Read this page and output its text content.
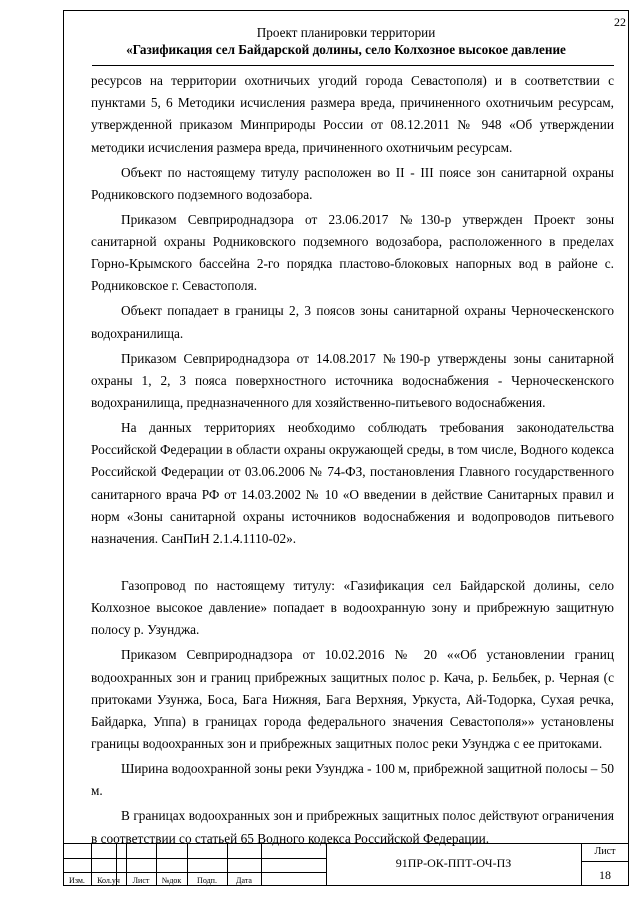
22
Проект планировки территории
«Газификация сел Байдарской долины, село Колхозное высокое давление

ресурсов на территории охотничьих угодий города Севастополя) и в соответствии с пунктами 5, 6 Методики исчисления размера вреда, причиненного охотничьим ресурсам, утвержденной приказом Минприроды России от 08.12.2011 № 948 «Об утверждении методики исчисления размера вреда, причиненного охотничьим ресурсам.

Объект по настоящему титулу расположен во II - III поясе зон санитарной охраны Родниковского подземного водозабора.

Приказом Севприроднадзора от 23.06.2017 №130-р утвержден Проект зоны санитарной охраны Родниковского подземного водозабора, расположенного в пределах Горно-Крымского бассейна 2-го порядка пластово-блоковых напорных вод в районе с. Родниковское г. Севастополя.

Объект попадает в границы 2, 3 поясов зоны санитарной охраны Черноческенского водохранилища.

Приказом Севприроднадзора от 14.08.2017 №190-р утверждены зоны санитарной охраны 1, 2, 3 пояса поверхностного источника водоснабжения - Черноческенского водохранилища, предназначенного для хозяйственно-питьевого водоснабжения.

На данных территориях необходимо соблюдать требования законодательства Российской Федерации в области охраны окружающей среды, в том числе, Водного кодекса Российской Федерации от 03.06.2006 № 74-ФЗ, постановления Главного государственного санитарного врача РФ от 14.03.2002 № 10 «О введении в действие Санитарных правил и норм «Зоны санитарной охраны источников водоснабжения и водопроводов питьевого назначения. СанПиН 2.1.4.1110-02».

Газопровод по настоящему титулу: «Газификация сел Байдарской долины, село Колхозное высокое давление» попадает в водоохранную зону и прибрежную защитную полосу р. Узунджа.

Приказом Севприроднадзора от 10.02.2016 № 20 ««Об установлении границ водоохранных зон и границ прибрежных защитных полос р. Кача, р. Бельбек, р. Черная (с притоками Узунжа, Боса, Бага Нижняя, Бага Верхняя, Уркуста, Ай-Тодорка, Сухая речка, Байдарка, Уппа) в границах города федерального значения Севастополя»» установлены границы водоохранных зон и прибрежных защитных полос реки Узунджа с ее притоками.

Ширина водоохранной зоны реки Узунджа - 100 м, прибрежной защитной полосы – 50 м.

В границах водоохранных зон и прибрежных защитных полос действуют ограничения в соответствии со статьей 65 Водного кодекса Российской Федерации.

Изм.	Кол.уч	Лист	№док	Подп.	Дата
91ПР-ОК-ППТ-ОЧ-ПЗ
Лист
18
